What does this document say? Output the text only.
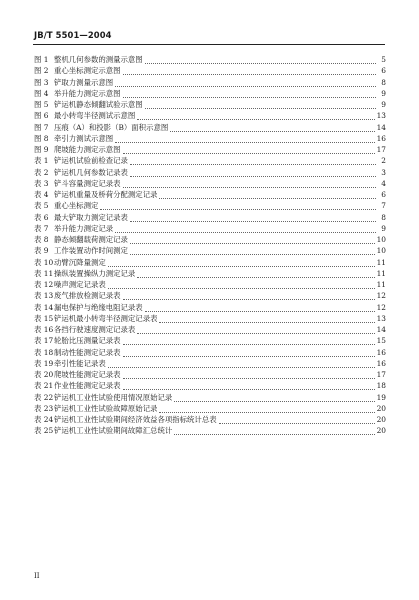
JB/T 5501—2004
图 1 整机几何参数的测量示意图	5
图 2 重心坐标测定示意图	6
图 3 铲取力测量示意图	8
图 4 举升能力测定示意图	9
图 5 铲运机静态倾翻试验示意图	9
图 6 最小转弯半径测试示意图	13
图 7 压痕（A）和投影（B）面积示意图	14
图 8 牵引力测试示意图	16
图 9 爬坡能力测定示意图	17
表 1 铲运机试验前检查记录	2
表 2 铲运机几何参数记录表	3
表 3 铲斗容量测定记录表	4
表 4 铲运机重量及桥荷分配测定记录	6
表 5 重心坐标测定	7
表 6 最大铲取力测定记录表	8
表 7 举升能力测定记录	9
表 8 静态倾翻载荷测定记录	10
表 9 工作装置动作时间测定	10
表 10 动臂沉降量测定	11
表 11 操纵装置操纵力测定记录	11
表 12 噪声测定记录表	11
表 13 废气排放检测记录表	12
表 14 漏电保护与绝缘电阻记录表	12
表 15 铲运机最小转弯半径测定记录表	13
表 16 各挡行驶速度测定记录表	14
表 17 轮胎比压测量记录表	15
表 18 制动性能测定记录表	16
表 19 牵引性能记录表	16
表 20 爬坡性能测定记录表	17
表 21 作业性能测定记录表	18
表 22 铲运机工业性试验使用情况原始记录	19
表 23 铲运机工业性试验故障原始记录	20
表 24 铲运机工业性试验期间经济效益各项指标统计总表	20
表 25 铲运机工业性试验期间故障汇总统计	20
II
